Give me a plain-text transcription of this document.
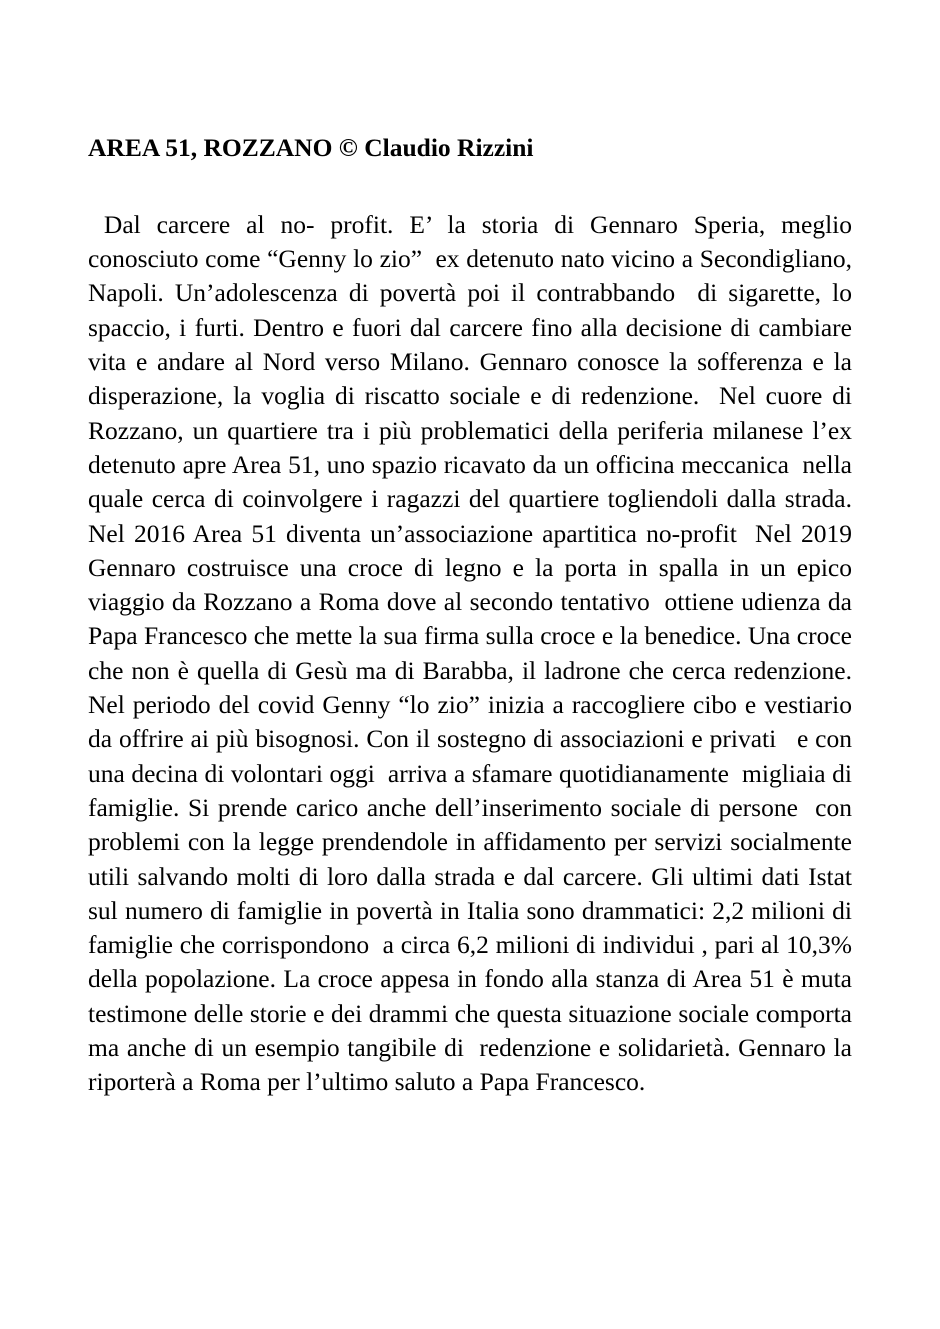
AREA 51, ROZZANO © Claudio Rizzini

Dal carcere al no- profit. E’ la storia di Gennaro Speria, meglio conosciuto come “Genny lo zio”  ex detenuto nato vicino a Secondigliano, Napoli. Un’adolescenza di povertà poi il contrabbando  di sigarette, lo spaccio, i furti. Dentro e fuori dal carcere fino alla decisione di cambiare vita e andare al Nord verso Milano. Gennaro conosce la sofferenza e la disperazione, la voglia di riscatto sociale e di redenzione.  Nel cuore di  Rozzano, un quartiere tra i più problematici della periferia milanese l’ex detenuto apre Area 51, uno spazio ricavato da un officina meccanica  nella quale cerca di coinvolgere i ragazzi del quartiere togliendoli dalla strada. Nel 2016 Area 51 diventa un’associazione apartitica no-profit  Nel 2019 Gennaro costruisce una croce di legno e la porta in spalla in un epico viaggio da Rozzano a Roma dove al secondo tentativo  ottiene udienza da Papa Francesco che mette la sua firma sulla croce e la benedice. Una croce che non è quella di Gesù ma di Barabba, il ladrone che cerca redenzione. Nel periodo del covid Genny “lo zio” inizia a raccogliere cibo e vestiario da offrire ai più bisognosi. Con il sostegno di associazioni e privati   e con una decina di volontari oggi  arriva a sfamare quotidianamente  migliaia di  famiglie. Si prende carico anche dell’inserimento sociale di persone  con problemi con la legge prendendole in affidamento per servizi socialmente utili salvando molti di loro dalla strada e dal carcere. Gli ultimi dati Istat sul numero di famiglie in povertà in Italia sono drammatici: 2,2 milioni di famiglie che corrispondono  a circa 6,2 milioni di individui , pari al 10,3% della popolazione. La croce appesa in fondo alla stanza di Area 51 è muta testimone delle storie e dei drammi che questa situazione sociale comporta ma anche di un esempio tangibile di  redenzione e solidarietà. Gennaro la riporterà a Roma per l’ultimo saluto a Papa Francesco.
